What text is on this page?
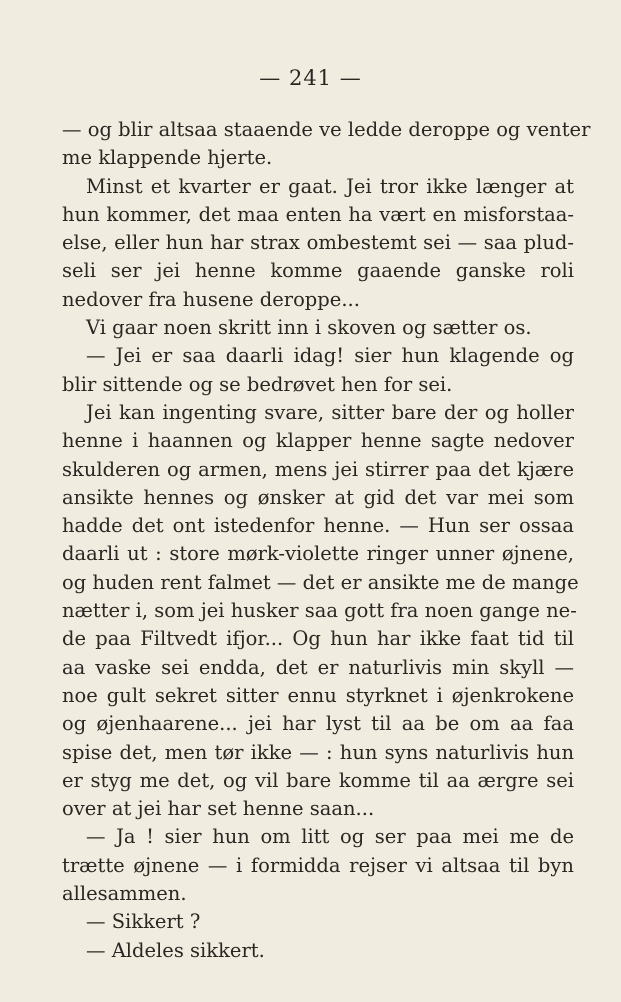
— 241 —
— og blir altsaa staaende ve ledde deroppe og venter
me klappende hjerte.
Minst et kvarter er gaat. Jei tror ikke længer at
hun kommer, det maa enten ha vært en misforstaa-
else, eller hun har strax ombestemt sei — saa plud-
seli ser jei henne komme gaaende ganske roli
nedover fra husene deroppe...
Vi gaar noen skritt inn i skoven og sætter os.
— Jei er saa daarli idag! sier hun klagende og
blir sittende og se bedrøvet hen for sei.
Jei kan ingenting svare, sitter bare der og holler
henne i haannen og klapper henne sagte nedover
skulderen og armen, mens jei stirrer paa det kjære
ansikte hennes og ønsker at gid det var mei som
hadde det ont istedenfor henne. — Hun ser ossaa
daarli ut : store mørk-violette ringer unner øjnene,
og huden rent falmet — det er ansikte me de mange
nætter i, som jei husker saa gott fra noen gange ne-
de paa Filtvedt ifjor... Og hun har ikke faat tid til
aa vaske sei endda, det er naturlivis min skyll —
noe gult sekret sitter ennu styrknet i øjenkrokene
og øjenhaarene... jei har lyst til aa be om aa faa
spise det, men tør ikke — : hun syns naturlivis hun
er styg me det, og vil bare komme til aa ærgre sei
over at jei har set henne saan...
— Ja ! sier hun om litt og ser paa mei me de
trætte øjnene — i formidda rejser vi altsaa til byn
allesammen.
— Sikkert ?
— Aldeles sikkert.
